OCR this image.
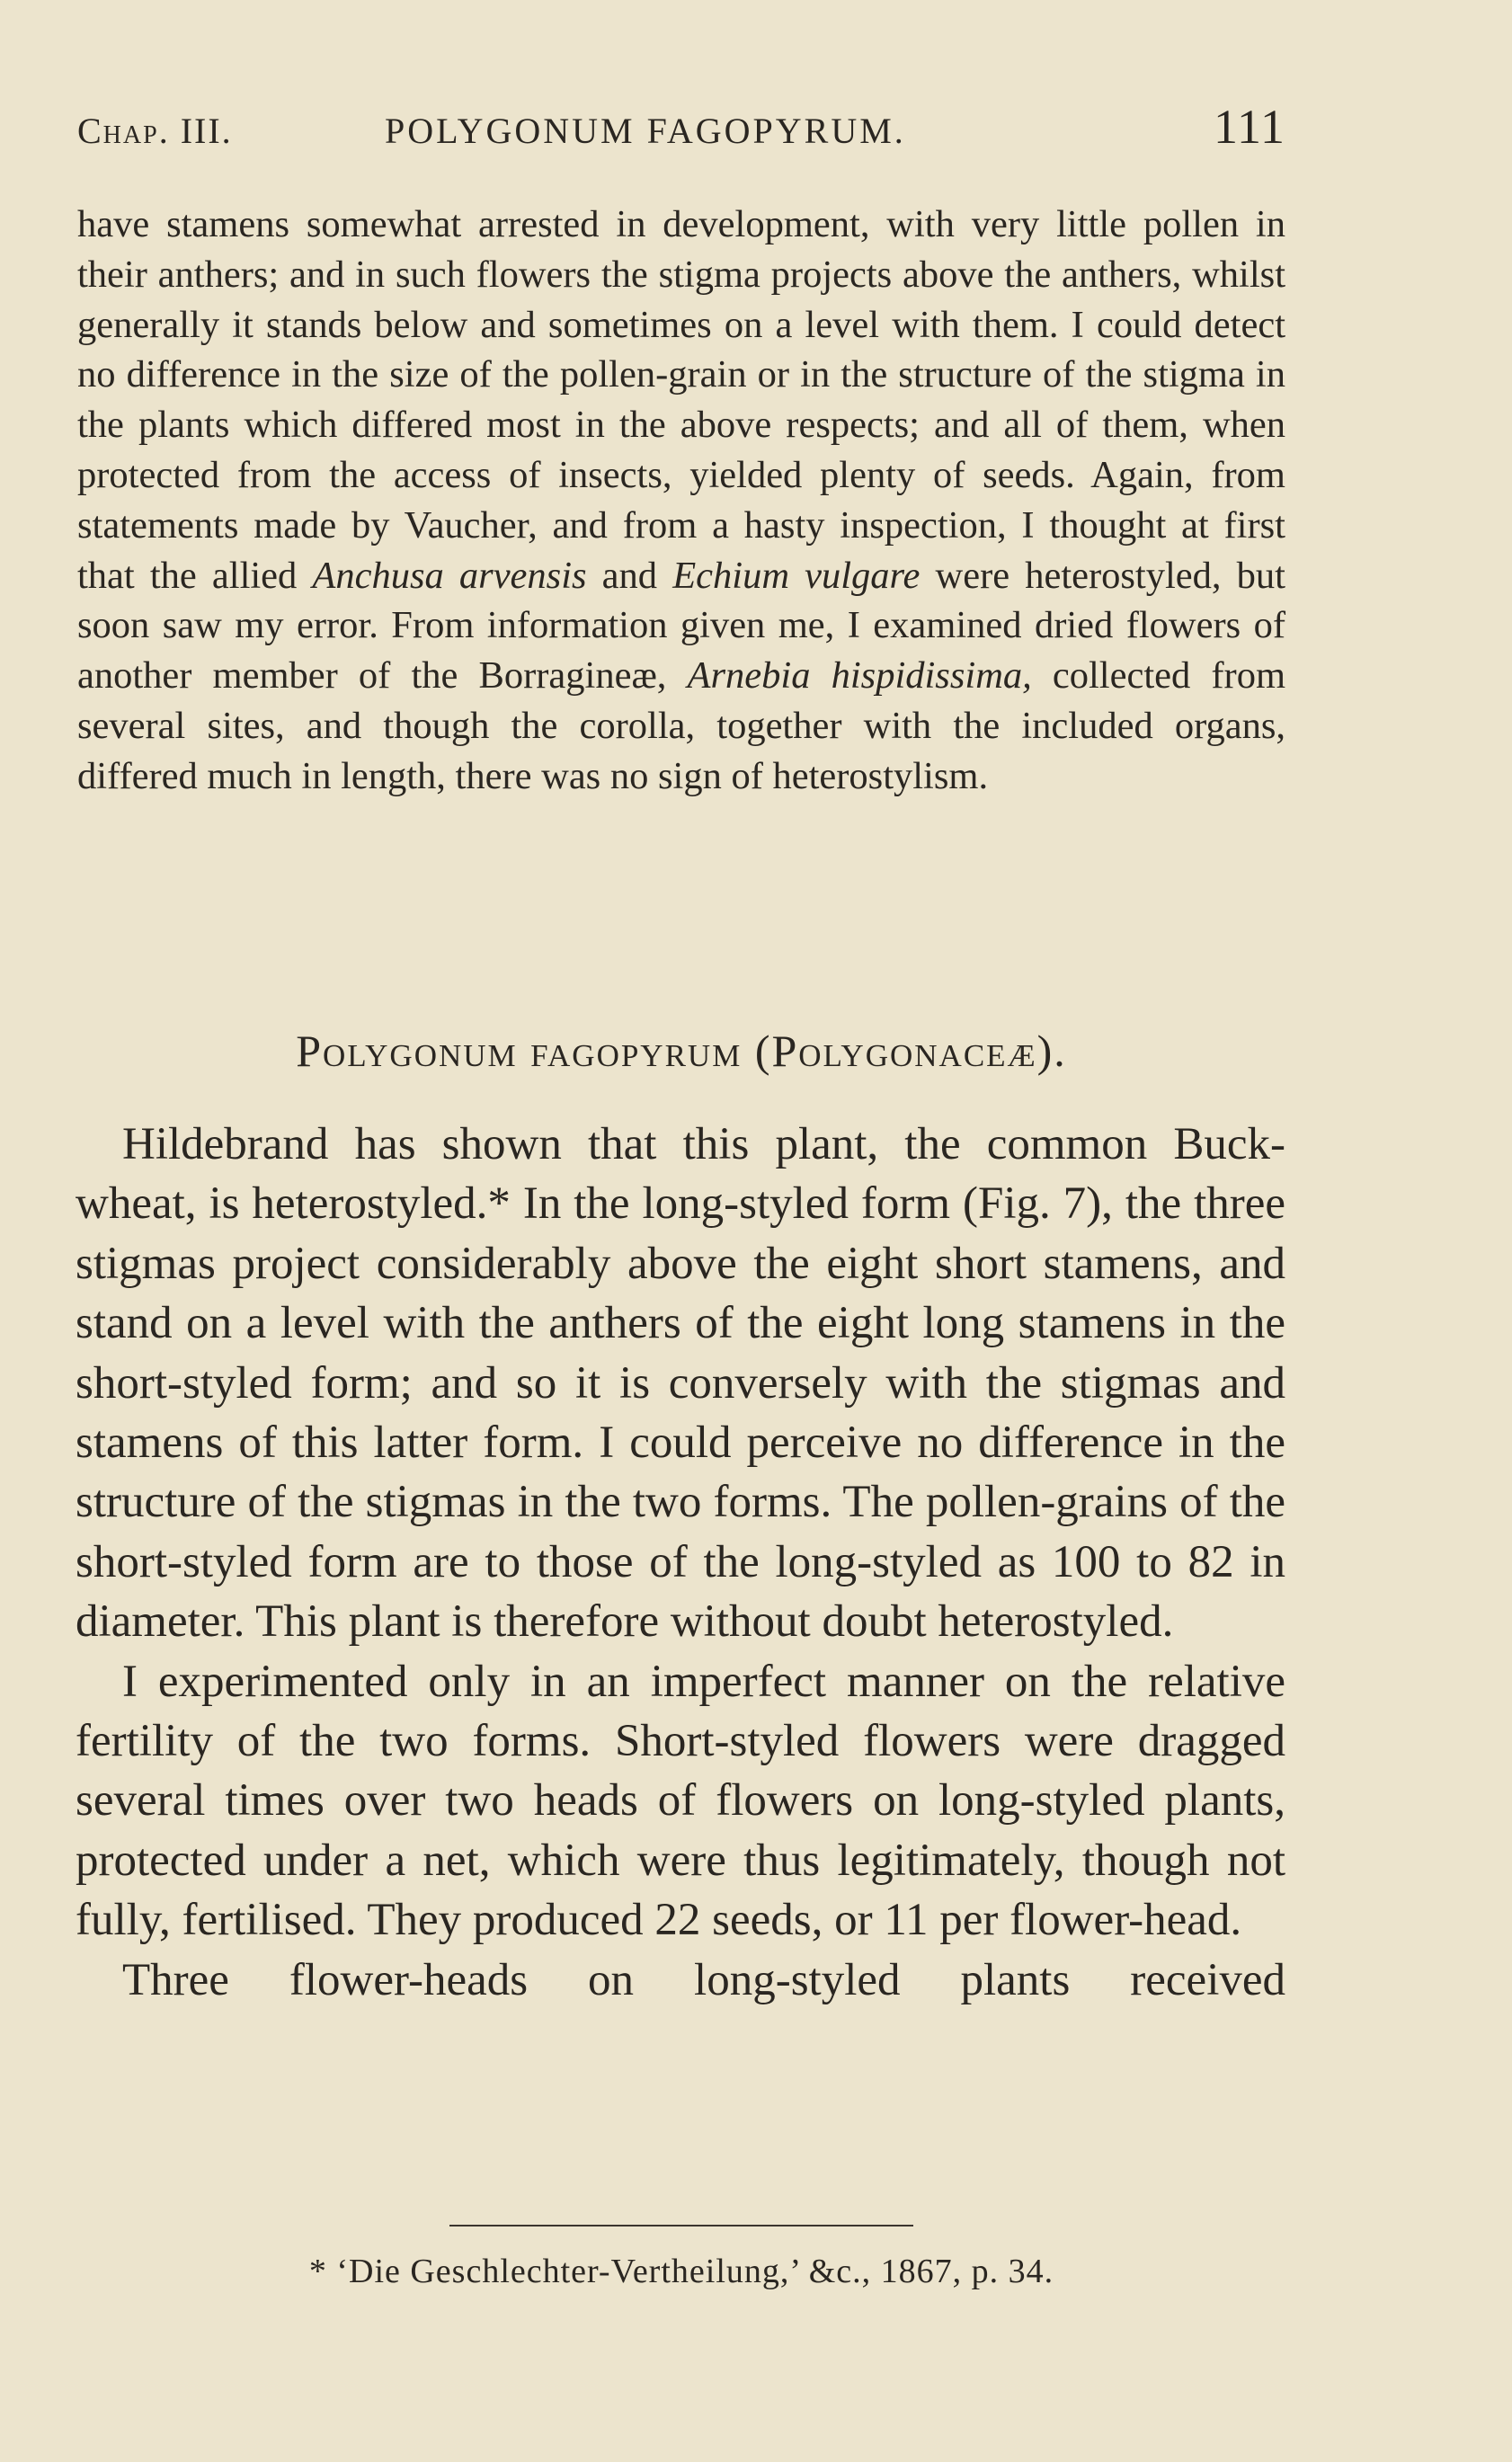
Chap. III.	POLYGONUM FAGOPYRUM.	111

have stamens somewhat arrested in development, with very little pollen in their anthers; and in such flowers the stigma projects above the anthers, whilst generally it stands below and sometimes on a level with them. I could detect no difference in the size of the pollen-grain or in the structure of the stigma in the plants which differed most in the above respects; and all of them, when protected from the access of insects, yielded plenty of seeds. Again, from statements made by Vaucher, and from a hasty inspection, I thought at first that the allied Anchusa arvensis and Echium vulgare were heterostyled, but soon saw my error. From information given me, I examined dried flowers of another member of the Borragineæ, Arnebia hispidissima, collected from several sites, and though the corolla, together with the included organs, differed much in length, there was no sign of heterostylism.

Polygonum fagopyrum (Polygonaceæ).

Hildebrand has shown that this plant, the common Buck-wheat, is heterostyled.* In the long-styled form (Fig. 7), the three stigmas project considerably above the eight short stamens, and stand on a level with the anthers of the eight long stamens in the short-styled form; and so it is conversely with the stigmas and stamens of this latter form. I could perceive no difference in the structure of the stigmas in the two forms. The pollen-grains of the short-styled form are to those of the long-styled as 100 to 82 in diameter. This plant is therefore without doubt heterostyled.

I experimented only in an imperfect manner on the relative fertility of the two forms. Short-styled flowers were dragged several times over two heads of flowers on long-styled plants, protected under a net, which were thus legitimately, though not fully, fertilised. They produced 22 seeds, or 11 per flower-head.

Three flower-heads on long-styled plants received

* ‘Die Geschlechter-Vertheilung,’ &c., 1867, p. 34.
